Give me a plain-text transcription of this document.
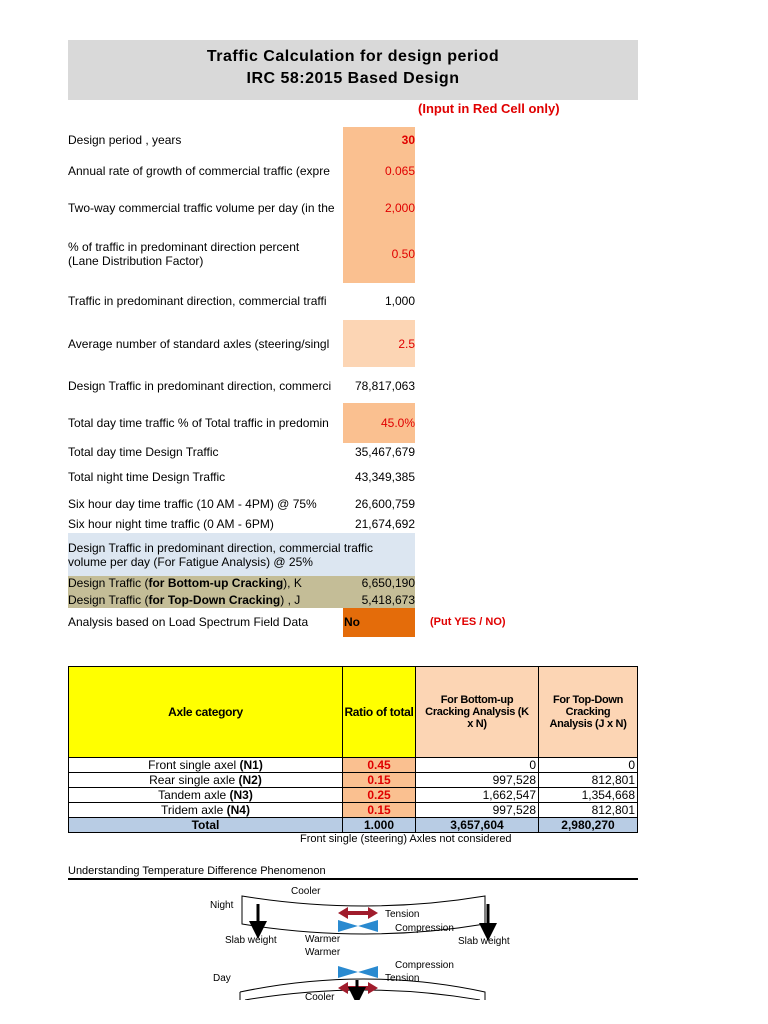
Traffic Calculation for design period
IRC 58:2015 Based Design
(Input in Red Cell only)
Design period , years	30
Annual rate of growth of commercial traffic (expre	0.065
Two-way commercial traffic volume per day (in the	2,000
% of traffic in predominant direction percent
(Lane Distribution Factor)	0.50
Traffic in predominant direction, commercial traffi	1,000
Average number of standard axles (steering/singl	2.5
Design Traffic in predominant direction, commerci	78,817,063
Total day time traffic % of Total traffic in predomin	45.0%
Total day time Design Traffic	35,467,679
Total night time Design Traffic	43,349,385
Six hour day time traffic (10 AM - 4PM) @ 75%	26,600,759
Six hour night time traffic (0 AM - 6PM)	21,674,692
Design Traffic in predominant direction, commercial traffic
volume per day (For Fatigue Analysis) @ 25%
Design Traffic (for Bottom-up Cracking), K	6,650,190
Design Traffic (for Top-Down Cracking) , J	5,418,673
Analysis based on Load Spectrum Field Data	No	(Put YES / NO)
Axle category	Ratio of total	For Bottom-up Cracking Analysis (K x N)	For Top-Down Cracking Analysis (J x N)
Front single axel (N1)	0.45	0	0
Rear single axle (N2)	0.15	997,528	812,801
Tandem axle (N3)	0.25	1,662,547	1,354,668
Tridem axle (N4)	0.15	997,528	812,801
Total	1.000	3,657,604	2,980,270
Front single (steering) Axles not considered
Understanding Temperature Difference Phenomenon
Night
Cooler
Tension
Compression
Warmer
Slab weight	Slab weight
Warmer
Compression
Day	Tension
Cooler
